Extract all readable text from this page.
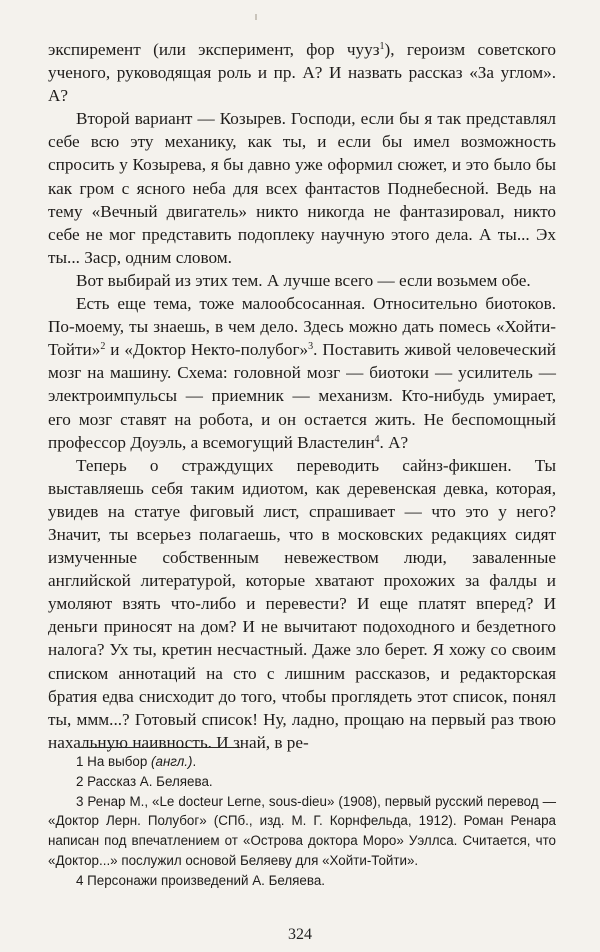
экспиремент (или эксперимент, фор чууз$^1$), героизм советского ученого, руководящая роль и пр. А? И назвать рассказ «За углом». А?

Второй вариант — Козырев. Господи, если бы я так представлял себе всю эту механику, как ты, и если бы имел возможность спросить у Козырева, я бы давно уже оформил сюжет, и это было бы как гром с ясного неба для всех фантастов Поднебесной. Ведь на тему «Вечный двигатель» никто никогда не фантазировал, никто себе не мог представить подоплеку научную этого дела. А ты... Эх ты... Заср, одним словом.

Вот выбирай из этих тем. А лучше всего — если возьмем обе.

Есть еще тема, тоже малообсосанная. Относительно биотоков. По-моему, ты знаешь, в чем дело. Здесь можно дать помесь «Хойти-Тойти»$^2$ и «Доктор Некто-полубог»$^3$. Поставить живой человеческий мозг на машину. Схема: головной мозг — биотоки — усилитель — электроимпульсы — приемник — механизм. Кто-нибудь умирает, его мозг ставят на робота, и он остается жить. Не беспомощный профессор Доуэль, а всемогущий Властелин$^4$. А?

Теперь о страждущих переводить сайнз-фикшен. Ты выставляешь себя таким идиотом, как деревенская девка, которая, увидев на статуе фиговый лист, спрашивает — что это у него? Значит, ты всерьез полагаешь, что в московских редакциях сидят измученные собственным невежеством люди, заваленные английской литературой, которые хватают прохожих за фалды и умоляют взять что-либо и перевести? И еще платят вперед? И деньги приносят на дом? И не вычитают подоходного и бездетного налога? Ух ты, кретин несчастный. Даже зло берет. Я хожу со своим списком аннотаций на сто с лишним рассказов, и редакторская братия едва снисходит до того, чтобы проглядеть этот список, понял ты, ммм...? Готовый список! Ну, ладно, прощаю на первый раз твою нахальную наивность. И знай, в ре-

1 На выбор (англ.).

2 Рассказ А. Беляева.

3 Ренар М., «Le docteur Lerne, sous-dieu» (1908), первый русский перевод — «Доктор Лерн. Полубог» (СПб., изд. М. Г. Корнфельда, 1912). Роман Ренара написан под впечатлением от «Острова доктора Моро» Уэллса. Считается, что «Доктор...» послужил основой Беляеву для «Хойти-Тойти».

4 Персонажи произведений А. Беляева.

324
